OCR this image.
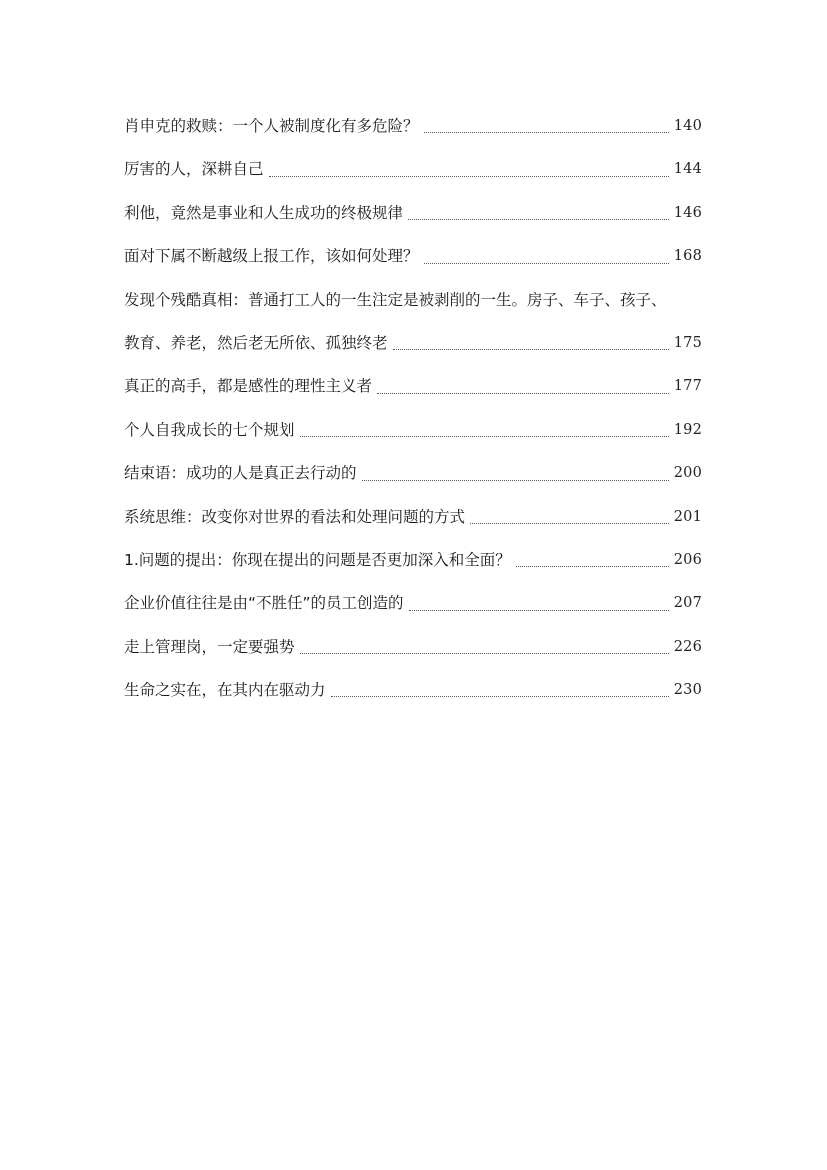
肖申克的救赎：一个人被制度化有多危险？	140
厉害的人，深耕自己	144
利他，竟然是事业和人生成功的终极规律	146
面对下属不断越级上报工作，该如何处理？	168
发现个残酷真相：普通打工人的一生注定是被剥削的一生。房子、车子、孩子、
教育、养老，然后老无所依、孤独终老	175
真正的高手，都是感性的理性主义者	177
个人自我成长的七个规划	192
结束语：成功的人是真正去行动的	200
系统思维：改变你对世界的看法和处理问题的方式	201
1.问题的提出：你现在提出的问题是否更加深入和全面？	206
企业价值往往是由“不胜任”的员工创造的	207
走上管理岗，一定要强势	226
生命之实在，在其内在驱动力	230
